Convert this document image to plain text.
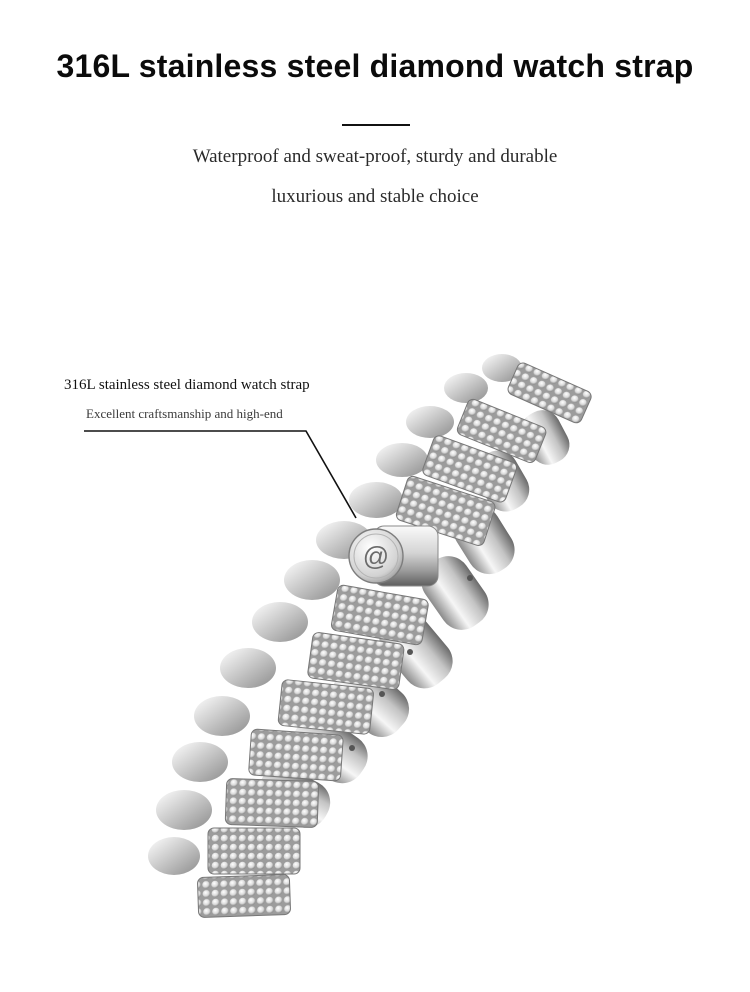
316L stainless steel diamond watch strap
Waterproof and sweat-proof, sturdy and durable
luxurious and stable choice
316L stainless steel diamond watch strap
Excellent craftsmanship and high-end
@
